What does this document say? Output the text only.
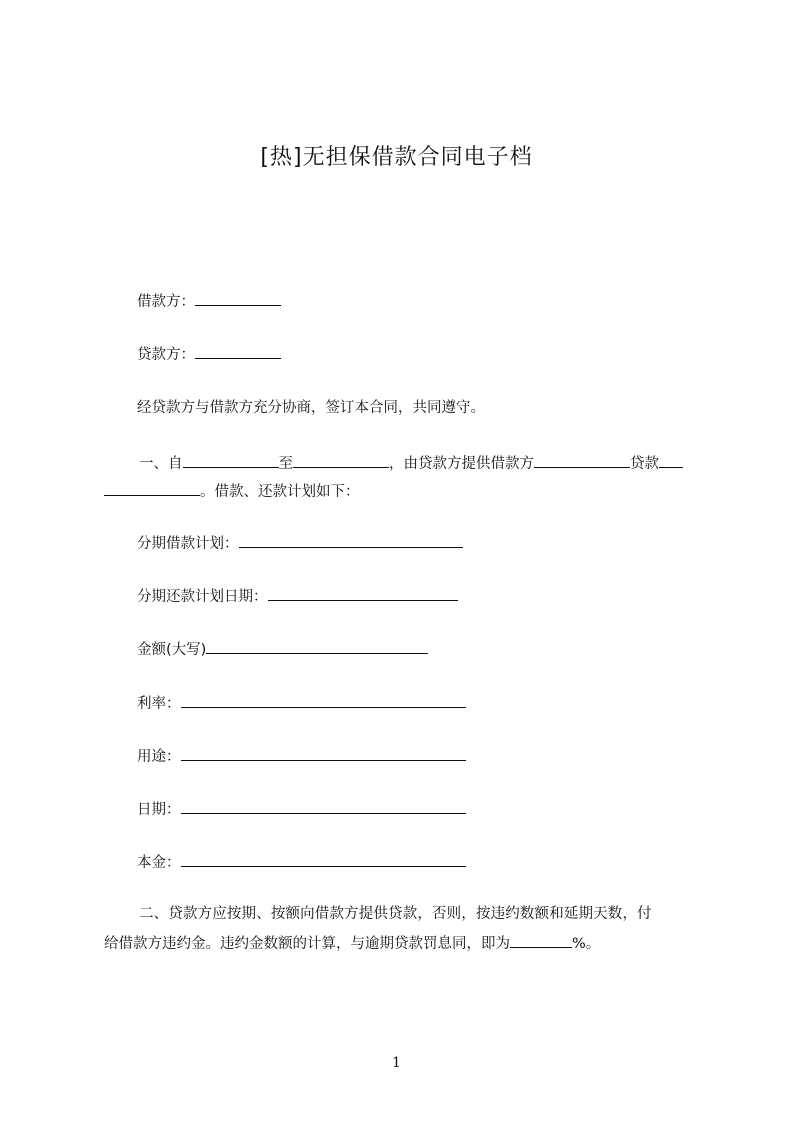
[热]无担保借款合同电子档
借款方：
贷款方：
经贷款方与借款方充分协商，签订本合同，共同遵守。
一、自	至	，由贷款方提供借款方	贷款
。借款、还款计划如下：
分期借款计划：
分期还款计划日期：
金额(大写)
利率：
用途：
日期：
本金：
二、贷款方应按期、按额向借款方提供贷款，否则，按违约数额和延期天数，付
给借款方违约金。违约金数额的计算，与逾期贷款罚息同，即为	%。
1
